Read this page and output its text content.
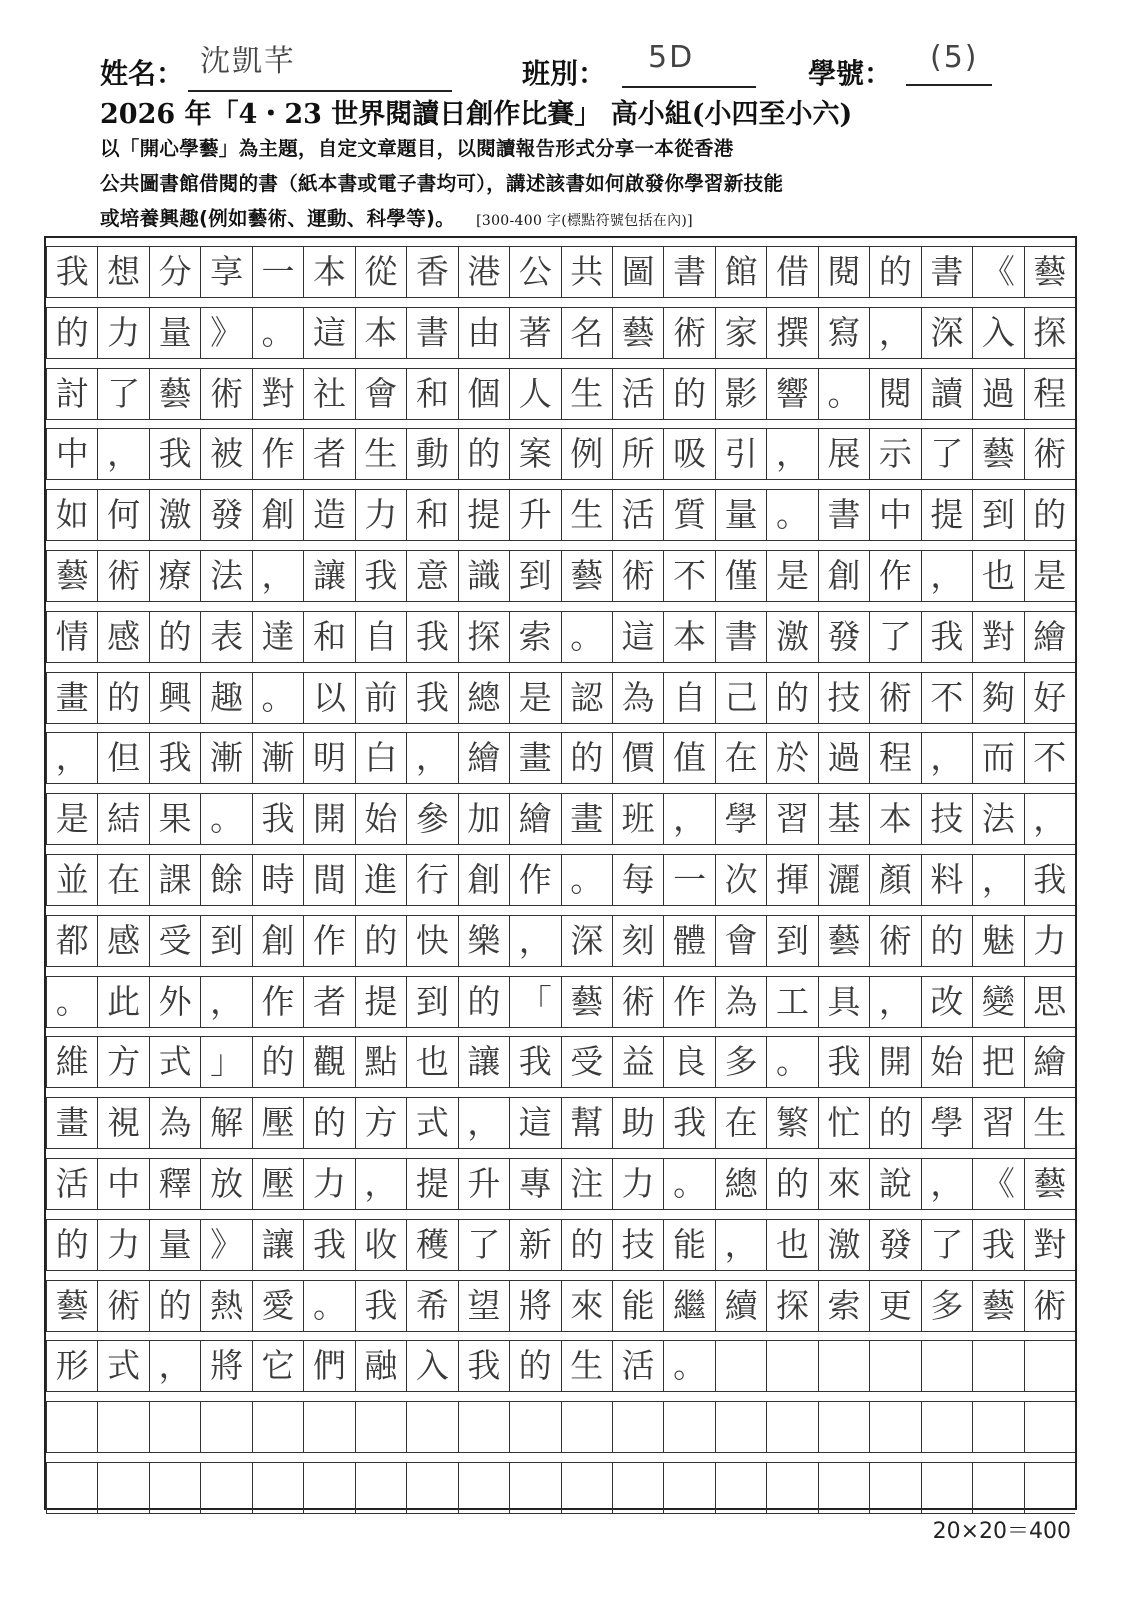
姓名： 沈凱芊	班別： 5D	學號： (5)
2026 年「4・23 世界閱讀日創作比賽」 高小組(小四至小六)
以「開心學藝」為主題，自定文章題目，以閱讀報告形式分享一本從香港
公共圖書館借閱的書（紙本書或電子書均可），講述該書如何啟發你學習新技能
或培養興趣(例如藝術、運動、科學等)。 [300-400 字(標點符號包括在內)]
我 想 分 享 一 本 從 香 港 公 共 圖 書 館 借 閱 的 書 《 藝
的 力 量 》 。 這 本 書 由 著 名 藝 術 家 撰 寫 ， 深 入 探
討 了 藝 術 對 社 會 和 個 人 生 活 的 影 響 。 閱 讀 過 程
中 ， 我 被 作 者 生 動 的 案 例 所 吸 引 ， 展 示 了 藝 術
如 何 激 發 創 造 力 和 提 升 生 活 質 量 。 書 中 提 到 的
藝 術 療 法 ， 讓 我 意 識 到 藝 術 不 僅 是 創 作 ， 也 是
情 感 的 表 達 和 自 我 探 索 。 這 本 書 激 發 了 我 對 繪
畫 的 興 趣 。 以 前 我 總 是 認 為 自 己 的 技 術 不 夠 好
， 但 我 漸 漸 明 白 ， 繪 畫 的 價 值 在 於 過 程 ， 而 不
是 結 果 。 我 開 始 參 加 繪 畫 班 ， 學 習 基 本 技 法 ，
並 在 課 餘 時 間 進 行 創 作 。 每 一 次 揮 灑 顏 料 ， 我
都 感 受 到 創 作 的 快 樂 ， 深 刻 體 會 到 藝 術 的 魅 力
。 此 外 ， 作 者 提 到 的 「 藝 術 作 為 工 具 ， 改 變 思
維 方 式 」 的 觀 點 也 讓 我 受 益 良 多 。 我 開 始 把 繪
畫 視 為 解 壓 的 方 式 ， 這 幫 助 我 在 繁 忙 的 學 習 生
活 中 釋 放 壓 力 ， 提 升 專 注 力 。 總 的 來 說 ， 《 藝
的 力 量 》 讓 我 收 穫 了 新 的 技 能 ， 也 激 發 了 我 對
藝 術 的 熱 愛 。 我 希 望 將 來 能 繼 續 探 索 更 多 藝 術
形 式 ， 將 它 們 融 入 我 的 生 活 。
20×20＝400
